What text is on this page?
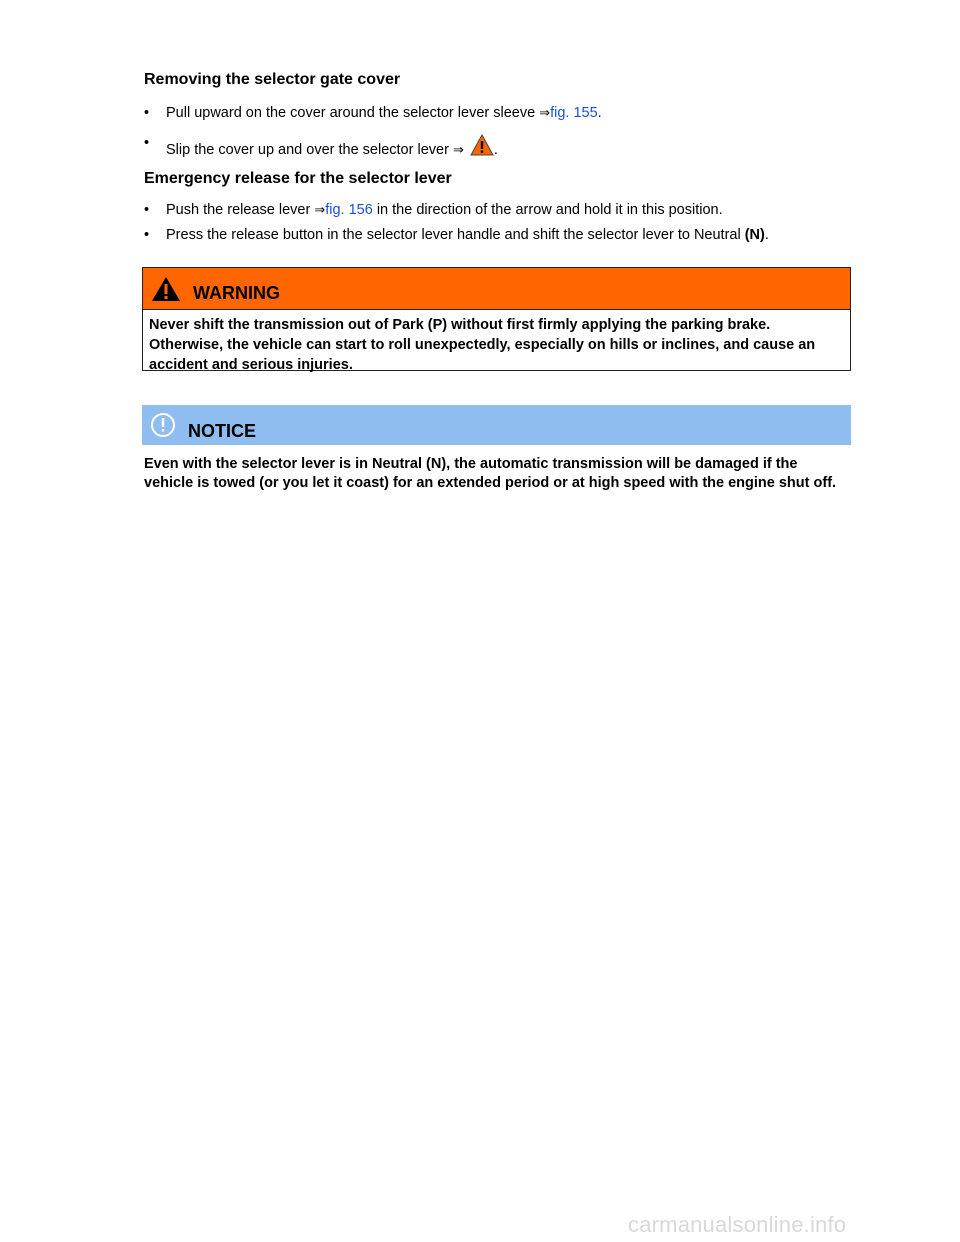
Removing the selector gate cover
•	Pull upward on the cover around the selector lever sleeve ⇒fig. 155.
•	Slip the cover up and over the selector lever ⇒ .
Emergency release for the selector lever
•	Push the release lever ⇒fig. 156 in the direction of the arrow and hold it in this position.
•	Press the release button in the selector lever handle and shift the selector lever to Neutral (N).
WARNING
Never shift the transmission out of Park (P) without first firmly applying the parking brake. Otherwise, the vehicle can start to roll unexpectedly, especially on hills or inclines, and cause an accident and serious injuries.
NOTICE
Even with the selector lever is in Neutral (N), the automatic transmission will be damaged if the vehicle is towed (or you let it coast) for an extended period or at high speed with the engine shut off.
carmanualsonline.info
